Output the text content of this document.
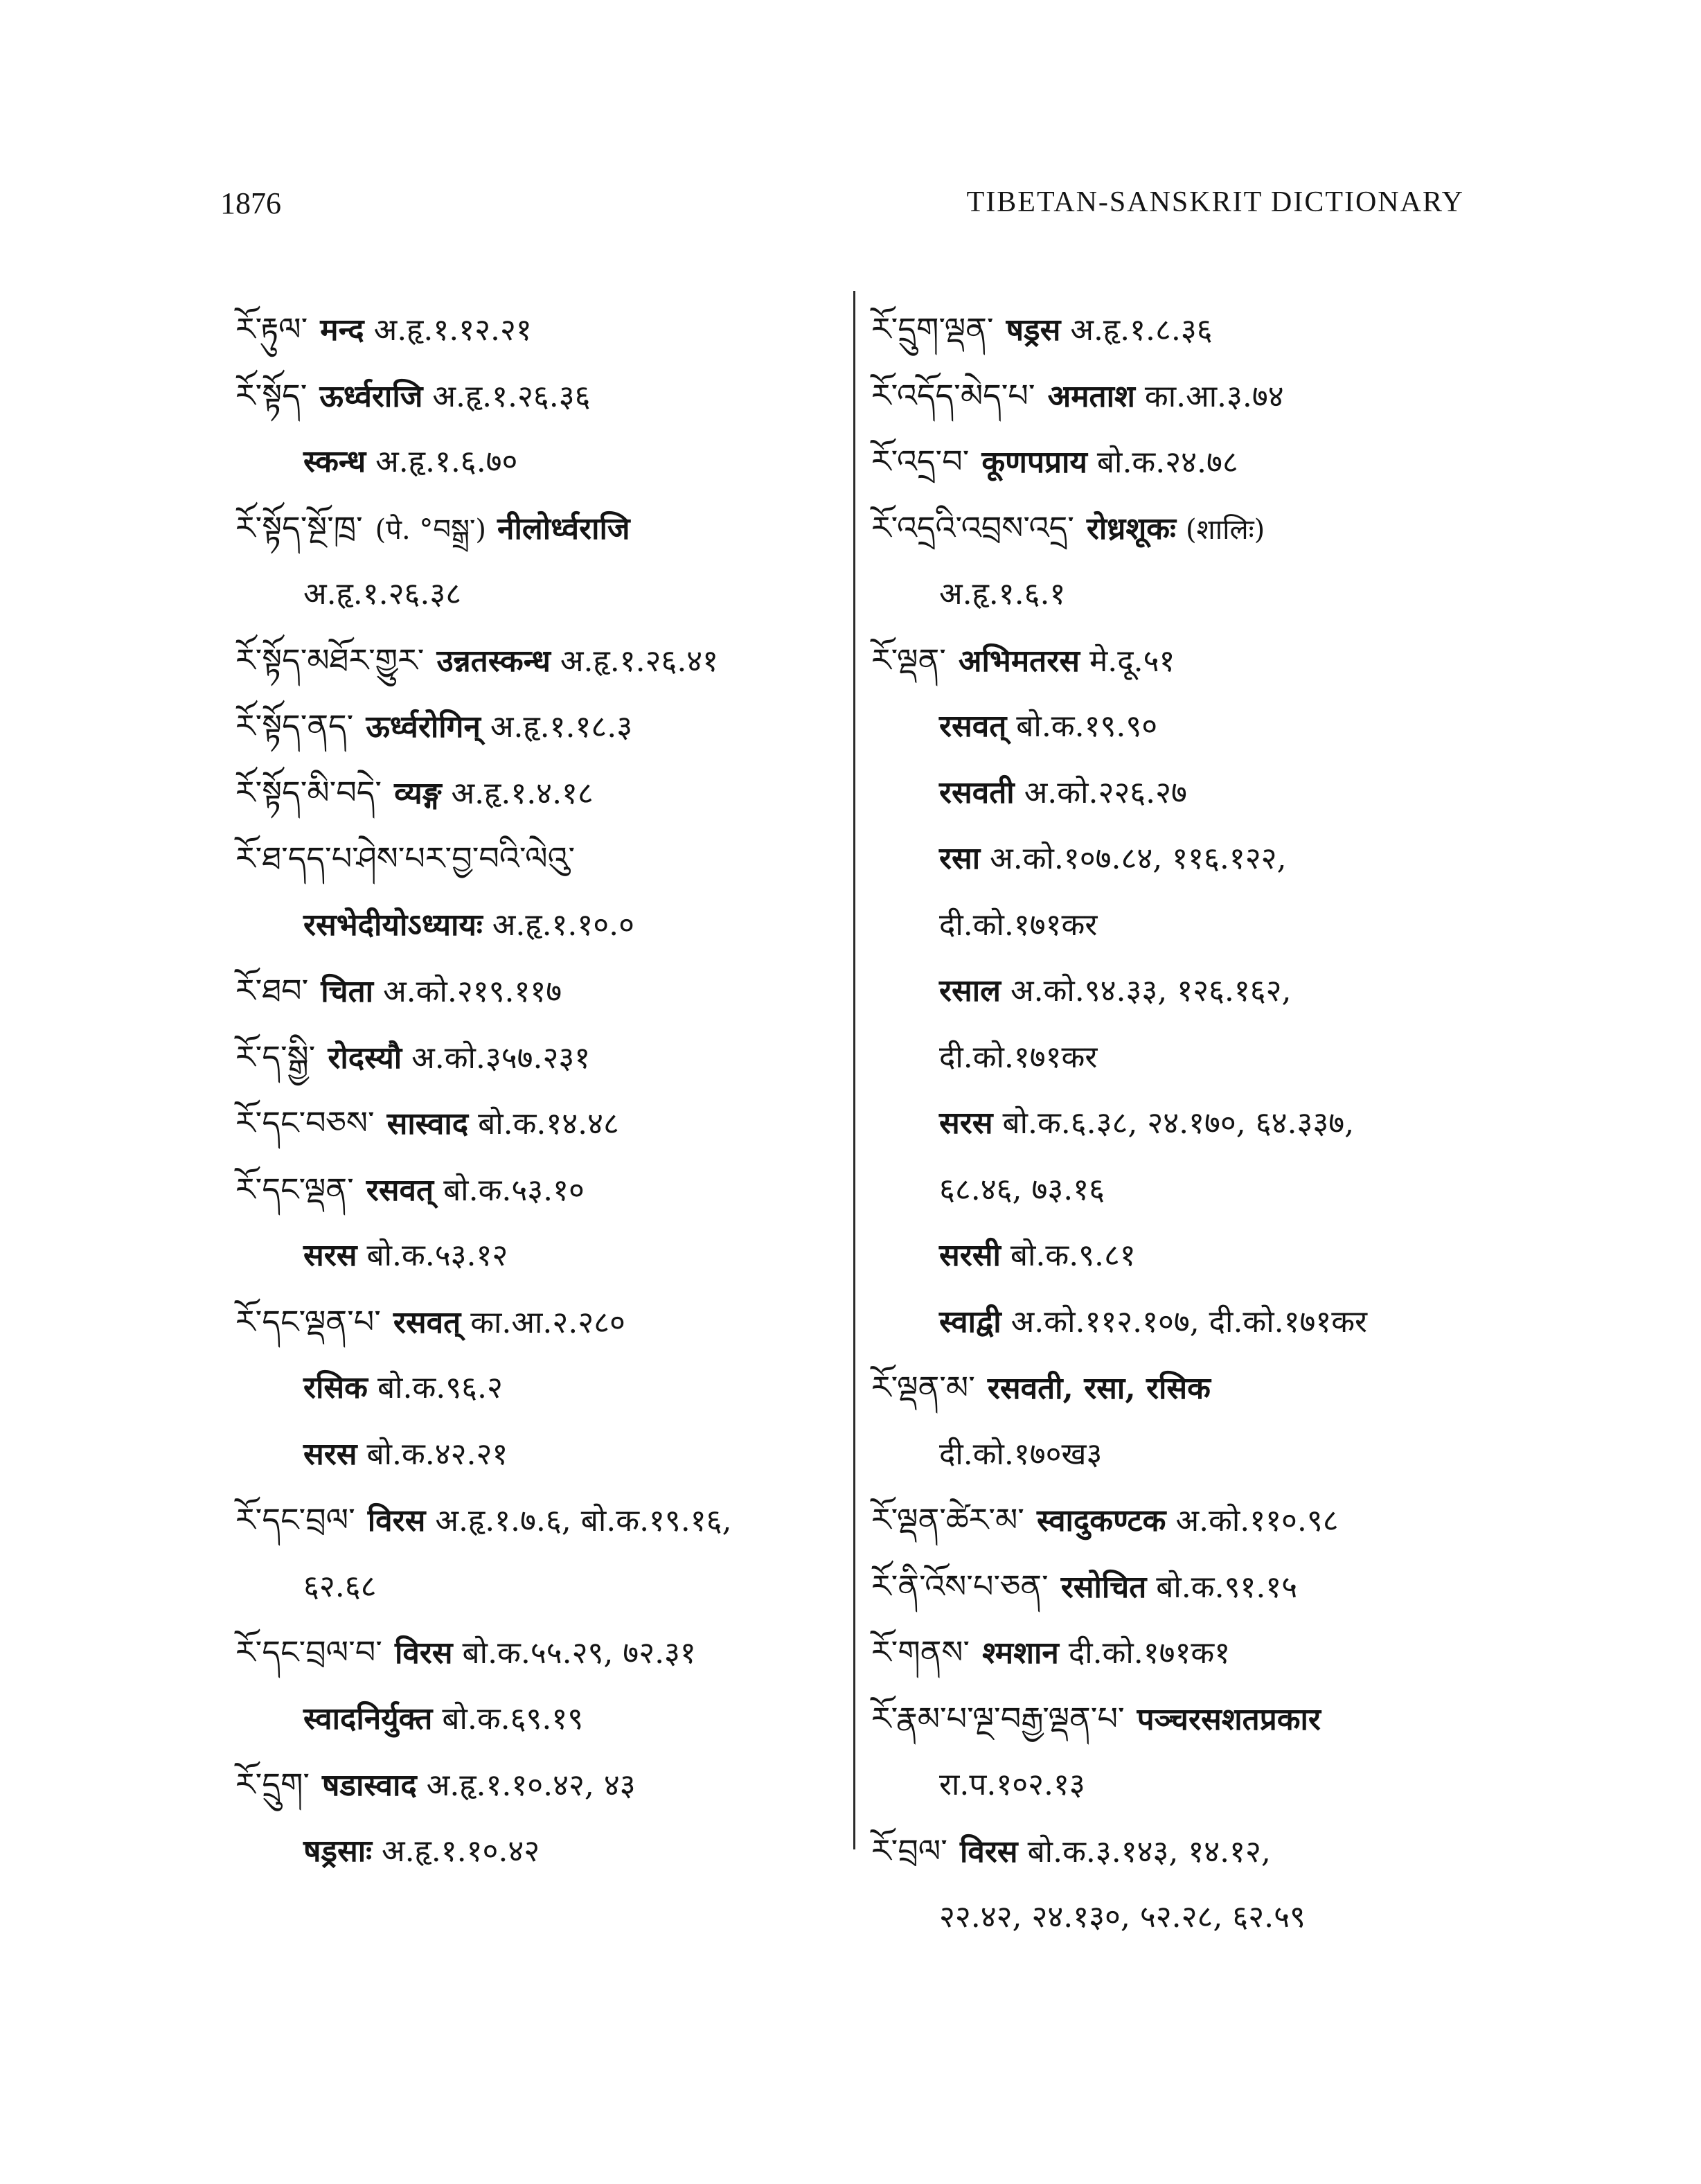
1876	TIBETAN-SANSKRIT DICTIONARY
རོ་རྟུལ་ मन्द अ.हृ.१.१२.२१
རོ་སྟོད་ ऊर्ध्वराजि अ.हृ.१.२६.३६
स्कन्ध अ.हृ.१.६.७०
རོ་སྟོད་སྔོ་ཁྲ་ (पे. °བསྒྲ་) नीलोर्ध्वराजि
अ.हृ.१.२६.३८
རོ་སྟོད་མཐོར་གྱུར་ उन्नतस्कन्ध अ.हृ.१.२६.४१
རོ་སྟོད་ནད་ ऊर्ध्वरोगिन् अ.हृ.१.१८.३
རོ་སྟོད་མི་བདེ་ व्यङ्ग अ.हृ.१.४.१८
རོ་ཐ་དད་པ་ཤེས་པར་བྱ་བའི་ལེའུ་
रसभेदीयोऽध्यायः अ.हृ.१.१०.०
རོ་ཐབ་ चिता अ.को.२१९.११७
རོ་ད་སྒྱི་ रोदस्यौ अ.को.३५७.२३१
རོ་དང་བཅས་ सास्वाद बो.क.१४.४८
རོ་དང་ལྡན་ रसवत् बो.क.५३.१०
सरस बो.क.५३.१२
རོ་དང་ལྡན་པ་ रसवत् का.आ.२.२८०
रसिक बो.क.९६.२
सरस बो.क.४२.२१
རོ་དང་བྲལ་ विरस अ.हृ.१.७.६, बो.क.१९.१६,
६२.६८
རོ་དང་བྲལ་བ་ विरस बो.क.५५.२९, ७२.३१
स्वादनिर्युक्त बो.क.६९.१९
རོ་དྲུག་ षडास्वाद अ.हृ.१.१०.४२, ४३
षड्रसाः अ.हृ.१.१०.४२
རོ་དྲུག་ལྡན་ षड्रस अ.हृ.१.८.३६
རོ་འདོད་མེད་པ་ अमताश का.आ.३.७४
རོ་འདྲ་བ་ कूणपप्राय बो.क.२४.७८
རོ་འདྲའི་འབྲས་འདྲ་ रोध्रशूकः (शालिः)
अ.हृ.१.६.१
རོ་ལྡན་ अभिमतरस मे.दू.५१
रसवत् बो.क.१९.९०
रसवती अ.को.२२६.२७
रसा अ.को.१०७.८४, ११६.१२२,
दी.को.१७१कर
रसाल अ.को.९४.३३, १२६.१६२,
दी.को.१७१कर
सरस बो.क.६.३८, २४.१७०, ६४.३३७,
६८.४६, ७३.१६
सरसी बो.क.९.८१
स्वाद्वी अ.को.११२.१०७, दी.को.१७१कर
རོ་ལྡན་མ་ रसवती, रसा, रसिक
दी.को.१७०ख३
རོ་ལྡན་ཚེར་མ་ स्वादुकण्टक अ.को.११०.९८
རོ་ནི་འོས་པ་ཅན་ रसोचित बो.क.९१.१५
རོ་གནས་ श्मशान दी.को.१७१क१
རོ་རྣམ་པ་ལྔ་བརྒྱ་ལྡན་པ་ पञ्चरसशतप्रकार
रा.प.१०२.१३
རོ་བྲལ་ विरस बो.क.३.१४३, १४.१२,
२२.४२, २४.१३०, ५२.२८, ६२.५९
